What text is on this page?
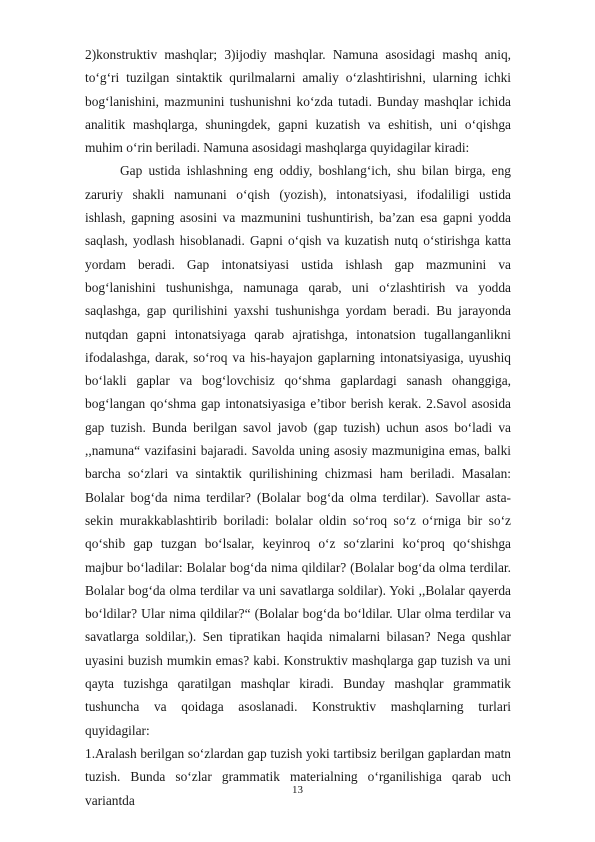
2)konstruktiv mashqlar; 3)ijodiy mashqlar. Namuna asosidagi mashq aniq, to‘g‘ri tuzilgan sintaktik qurilmalarni amaliy o‘zlashtirishni, ularning ichki bog‘lanishini, mazmunini tushunishni ko‘zda tutadi. Bunday mashqlar ichida analitik mashqlarga, shuningdek, gapni kuzatish va eshitish, uni o‘qishga muhim o‘rin beriladi. Namuna asosidagi mashqlarga quyidagilar kiradi:

Gap ustida ishlashning eng oddiy, boshlang‘ich, shu bilan birga, eng zaruriy shakli namunani o‘qish (yozish), intonatsiyasi, ifodaliligi ustida ishlash, gapning asosini va mazmunini tushuntirish, ba’zan esa gapni yodda saqlash, yodlash hisoblanadi. Gapni o‘qish va kuzatish nutq o‘stirishga katta yordam beradi. Gap intonatsiyasi ustida ishlash gap mazmunini va bog‘lanishini tushunishga, namunaga qarab, uni o‘zlashtirish va yodda saqlashga, gap qurilishini yaxshi tushunishga yordam beradi. Bu jarayonda nutqdan gapni intonatsiyaga qarab ajratishga, intonatsion tugallanganlikni ifodalashga, darak, so‘roq va his-hayajon gaplarning intonatsiyasiga, uyushiq bo‘lakli gaplar va bog‘lovchisiz qo‘shma gaplardagi sanash ohanggiga, bog‘langan qo‘shma gap intonatsiyasiga e’tibor berish kerak. 2.Savol asosida gap tuzish. Bunda berilgan savol javob (gap tuzish) uchun asos bo‘ladi va ,,namuna“ vazifasini bajaradi. Savolda uning asosiy mazmunigina emas, balki barcha so‘zlari va sintaktik qurilishining chizmasi ham beriladi. Masalan: Bolalar bog‘da nima terdilar? (Bolalar bog‘da olma terdilar). Savollar asta-sekin murakkablashtirib boriladi: bolalar oldin so‘roq so‘z o‘rniga bir so‘z qo‘shib gap tuzgan bo‘lsalar, keyinroq o‘z so‘zlarini ko‘proq qo‘shishga majbur bo‘ladilar: Bolalar bog‘da nima qildilar? (Bolalar bog‘da olma terdilar. Bolalar bog‘da olma terdilar va uni savatlarga soldilar). Yoki ,,Bolalar qayerda bo‘ldilar? Ular nima qildilar?“ (Bolalar bog‘da bo‘ldilar. Ular olma terdilar va savatlarga soldilar,). Sen tipratikan haqida nimalarni bilasan? Nega qushlar uyasini buzish mumkin emas? kabi. Konstruktiv mashqlarga gap tuzish va uni qayta tuzishga qaratilgan mashqlar kiradi. Bunday mashqlar grammatik tushuncha va qoidaga asoslanadi. Konstruktiv mashqlarning turlari quyidagilar:

1.Aralash berilgan so‘zlardan gap tuzish yoki tartibsiz berilgan gaplardan matn tuzish. Bunda so‘zlar grammatik materialning o‘rganilishiga qarab uch variantda

13
